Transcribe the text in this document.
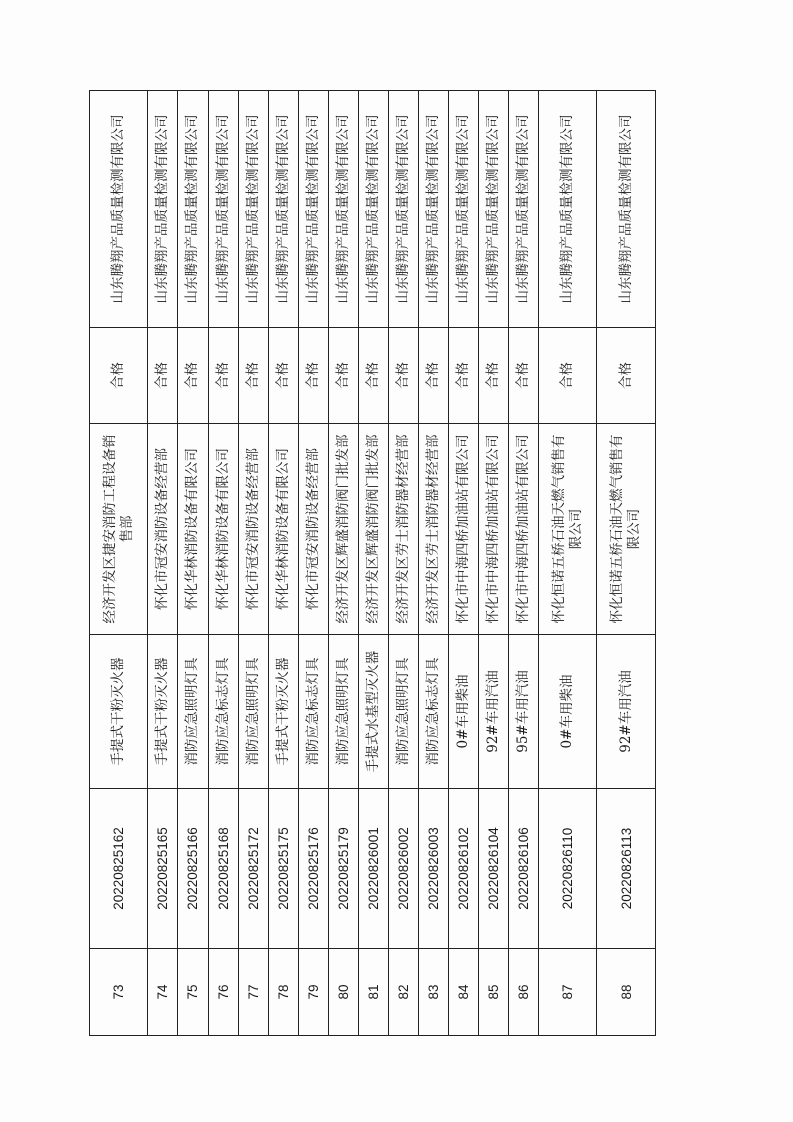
73	20220825162	手提式干粉灭火器	经济开发区捷安消防工程设备销售部	合格	山东腾翔产品质量检测有限公司
74	20220825165	手提式干粉灭火器	怀化市冠安消防设备经营部	合格	山东腾翔产品质量检测有限公司
75	20220825166	消防应急照明灯具	怀化华林消防设备有限公司	合格	山东腾翔产品质量检测有限公司
76	20220825168	消防应急标志灯具	怀化华林消防设备有限公司	合格	山东腾翔产品质量检测有限公司
77	20220825172	消防应急照明灯具	怀化市冠安消防设备经营部	合格	山东腾翔产品质量检测有限公司
78	20220825175	手提式干粉灭火器	怀化华林消防设备有限公司	合格	山东腾翔产品质量检测有限公司
79	20220825176	消防应急标志灯具	怀化市冠安消防设备经营部	合格	山东腾翔产品质量检测有限公司
80	20220825179	消防应急照明灯具	经济开发区辉盛消防阀门批发部	合格	山东腾翔产品质量检测有限公司
81	20220826001	手提式水基型灭火器	经济开发区辉盛消防阀门批发部	合格	山东腾翔产品质量检测有限公司
82	20220826002	消防应急照明灯具	经济开发区劳士消防器材经营部	合格	山东腾翔产品质量检测有限公司
83	20220826003	消防应急标志灯具	经济开发区劳士消防器材经营部	合格	山东腾翔产品质量检测有限公司
84	20220826102	0#车用柴油	怀化市中海四桥加油站有限公司	合格	山东腾翔产品质量检测有限公司
85	20220826104	92#车用汽油	怀化市中海四桥加油站有限公司	合格	山东腾翔产品质量检测有限公司
86	20220826106	95#车用汽油	怀化市中海四桥加油站有限公司	合格	山东腾翔产品质量检测有限公司
87	20220826110	0#车用柴油	怀化恒诺五桥石油天燃气销售有限公司	合格	山东腾翔产品质量检测有限公司
88	20220826113	92#车用汽油	怀化恒诺五桥石油天燃气销售有限公司	合格	山东腾翔产品质量检测有限公司
